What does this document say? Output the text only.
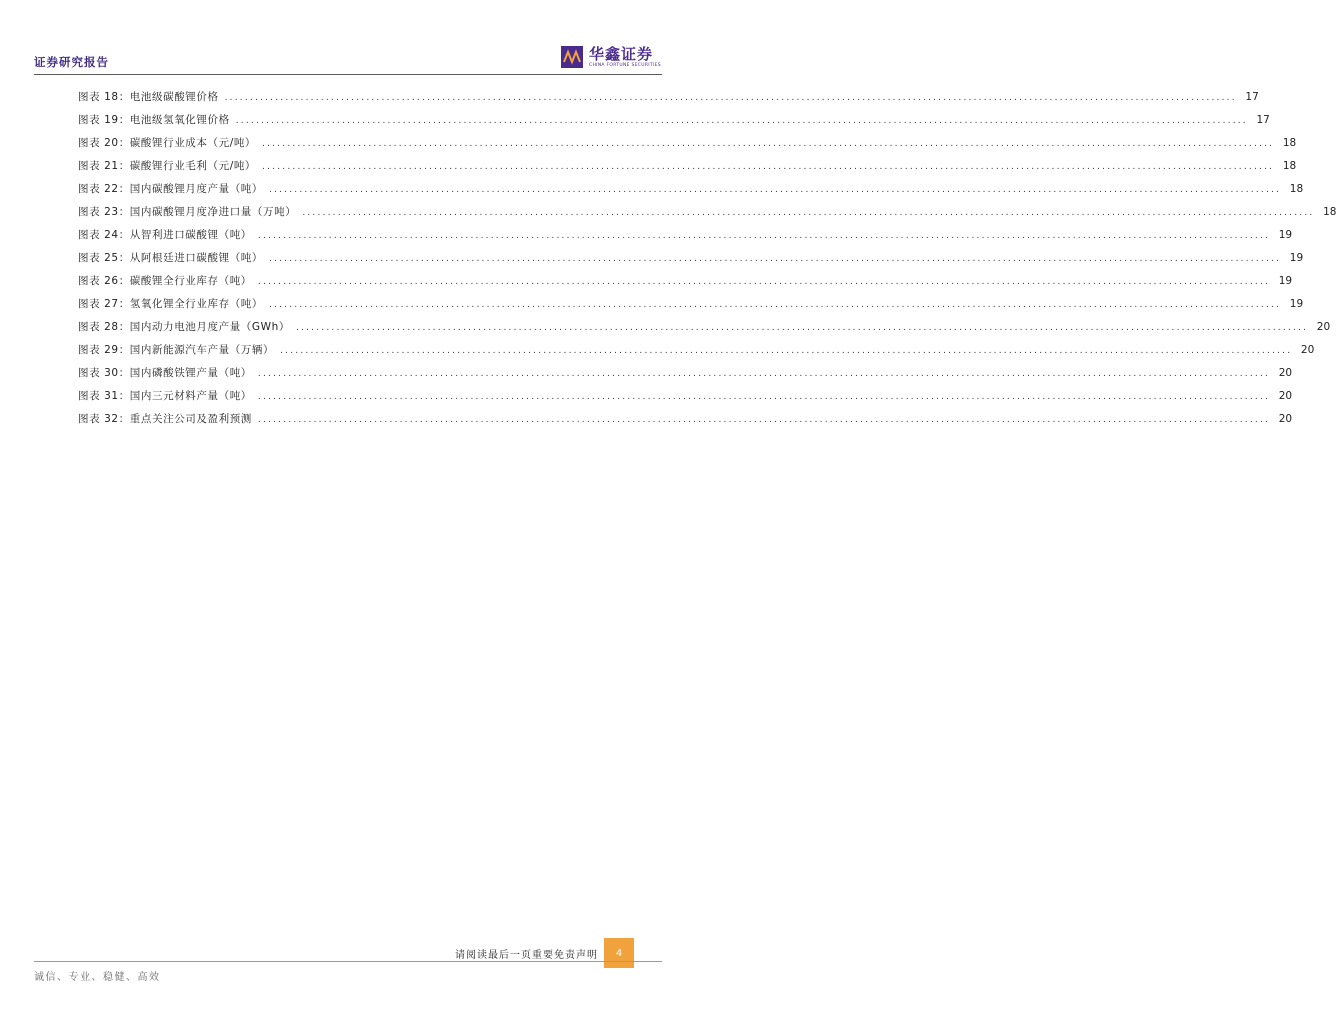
证券研究报告	华鑫证券
CHINA FORTUNE SECURITIES
图表 18：电池级碳酸锂价格 ........................................................................................................................................................................................................ 17
图表 19：电池级氢氧化锂价格 ........................................................................................................................................................................................................ 17
图表 20：碳酸锂行业成本（元/吨） ........................................................................................................................................................................................................ 18
图表 21：碳酸锂行业毛利（元/吨） ........................................................................................................................................................................................................ 18
图表 22：国内碳酸锂月度产量（吨） ........................................................................................................................................................................................................ 18
图表 23：国内碳酸锂月度净进口量（万吨） ........................................................................................................................................................................................................ 18
图表 24：从智利进口碳酸锂（吨） ........................................................................................................................................................................................................ 19
图表 25：从阿根廷进口碳酸锂（吨） ........................................................................................................................................................................................................ 19
图表 26：碳酸锂全行业库存（吨） ........................................................................................................................................................................................................ 19
图表 27：氢氧化锂全行业库存（吨） ........................................................................................................................................................................................................ 19
图表 28：国内动力电池月度产量（GWh） ........................................................................................................................................................................................................ 20
图表 29：国内新能源汽车产量（万辆） ........................................................................................................................................................................................................ 20
图表 30：国内磷酸铁锂产量（吨） ........................................................................................................................................................................................................ 20
图表 31：国内三元材料产量（吨） ........................................................................................................................................................................................................ 20
图表 32：重点关注公司及盈利预测 ........................................................................................................................................................................................................ 20
请阅读最后一页重要免责声明	4
诚信、专业、稳健、高效
